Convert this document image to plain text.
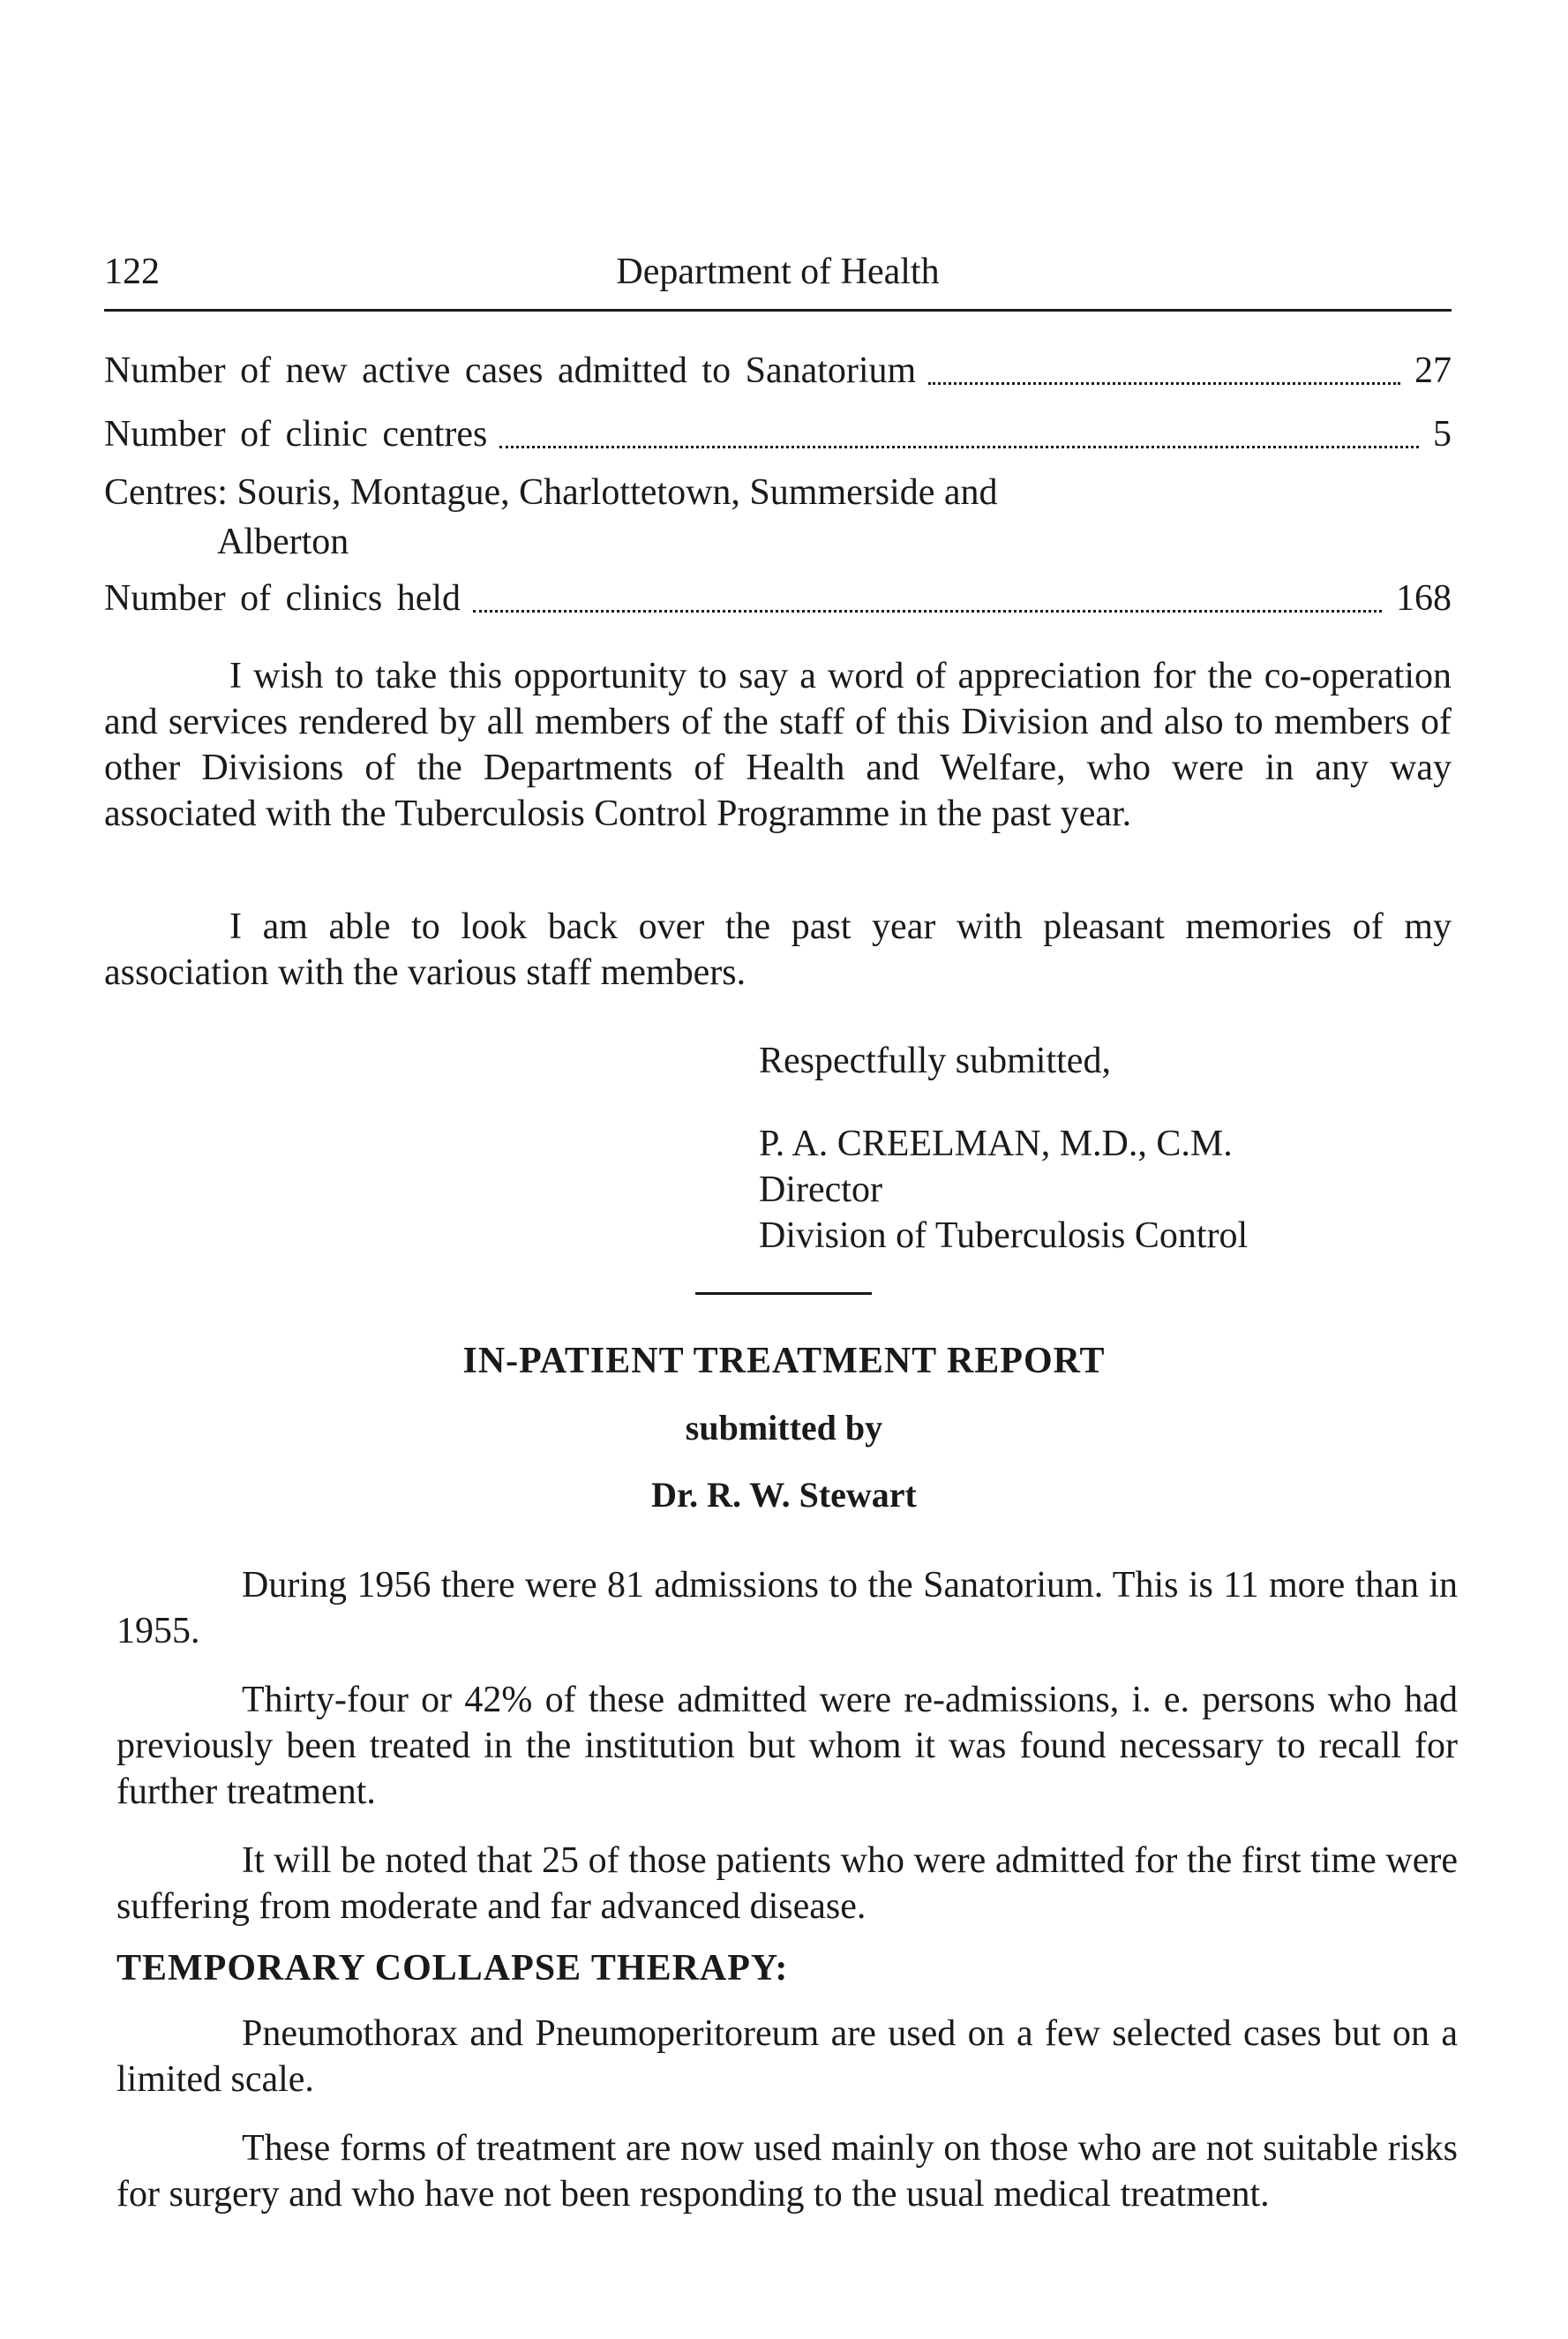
122	Department of Health
Number of new active cases admitted to Sanatorium	27
Number of clinic centres	5
Centres: Souris, Montague, Charlottetown, Summerside and
Alberton
Number of clinics held	168

I wish to take this opportunity to say a word of appreciation for the co-operation and services rendered by all members of the staff of this Division and also to members of other Divisions of the Departments of Health and Welfare, who were in any way associated with the Tuberculosis Control Programme in the past year.

I am able to look back over the past year with pleasant memories of my association with the various staff members.

Respectfully submitted,
P. A. CREELMAN, M.D., C.M.
Director
Division of Tuberculosis Control
IN-PATIENT TREATMENT REPORT
submitted by
Dr. R. W. Stewart

During 1956 there were 81 admissions to the Sanatorium. This is 11 more than in 1955.

Thirty-four or 42% of these admitted were re-admissions, i. e. persons who had previously been treated in the institution but whom it was found necessary to recall for further treatment.

It will be noted that 25 of those patients who were admitted for the first time were suffering from moderate and far advanced disease.

TEMPORARY COLLAPSE THERAPY:

Pneumothorax and Pneumoperitoreum are used on a few selected cases but on a limited scale.

These forms of treatment are now used mainly on those who are not suitable risks for surgery and who have not been responding to the usual medical treatment.
